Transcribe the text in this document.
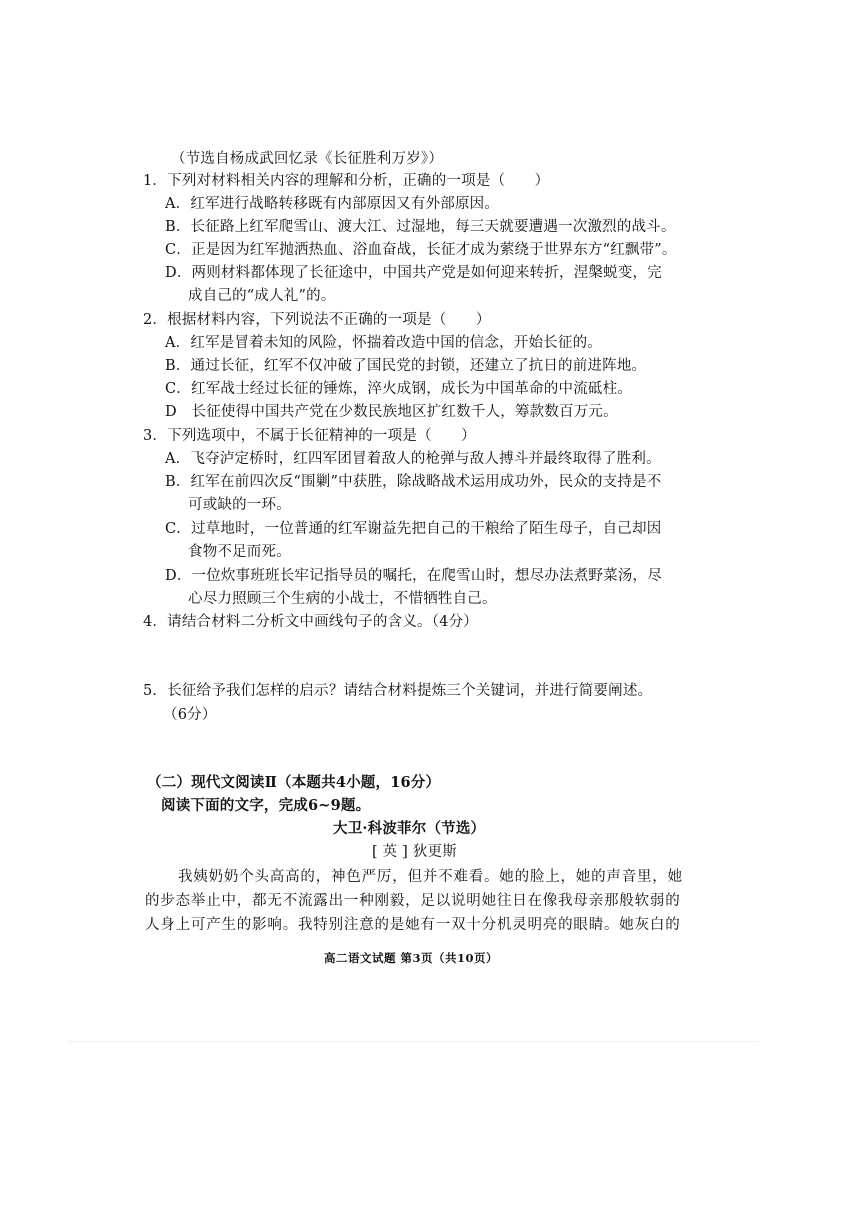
（节选自杨成武回忆录《长征胜利万岁》）
1．下列对材料相关内容的理解和分析，正确的一项是（　　）
A．红军进行战略转移既有内部原因又有外部原因。
B．长征路上红军爬雪山、渡大江、过湿地，每三天就要遭遇一次激烈的战斗。
C．正是因为红军抛洒热血、浴血奋战，长征才成为萦绕于世界东方“红飘带”。
D．两则材料都体现了长征途中，中国共产党是如何迎来转折，涅槃蜕变，完
成自己的“成人礼”的。
2．根据材料内容，下列说法不正确的一项是（　　）
A．红军是冒着未知的风险，怀揣着改造中国的信念，开始长征的。
B．通过长征，红军不仅冲破了国民党的封锁，还建立了抗日的前进阵地。
C．红军战士经过长征的锤炼，淬火成钢，成长为中国革命的中流砥柱。
D　长征使得中国共产党在少数民族地区扩红数千人，筹款数百万元。
3．下列选项中，不属于长征精神的一项是（　　）
A．飞夺泸定桥时，红四军团冒着敌人的枪弹与敌人搏斗并最终取得了胜利。
B．红军在前四次反“围剿”中获胜，除战略战术运用成功外，民众的支持是不
可或缺的一环。
C．过草地时，一位普通的红军谢益先把自己的干粮给了陌生母子，自己却因
食物不足而死。
D．一位炊事班班长牢记指导员的嘱托，在爬雪山时，想尽办法煮野菜汤，尽
心尽力照顾三个生病的小战士，不惜牺牲自己。
4．请结合材料二分析文中画线句子的含义。（4分）
5．长征给予我们怎样的启示？请结合材料提炼三个关键词，并进行简要阐述。
（6分）
（二）现代文阅读Ⅱ（本题共4小题，16分）
阅读下面的文字，完成6~9题。
大卫·科波菲尔（节选）
[ 英 ] 狄更斯
我姨奶奶个头高高的，神色严厉，但并不难看。她的脸上，她的声音里，她
的步态举止中，都无不流露出一种刚毅，足以说明她往日在像我母亲那般软弱的
人身上可产生的影响。我特别注意的是她有一双十分机灵明亮的眼睛。她灰白的
高二语文试题 第3页（共10页）
